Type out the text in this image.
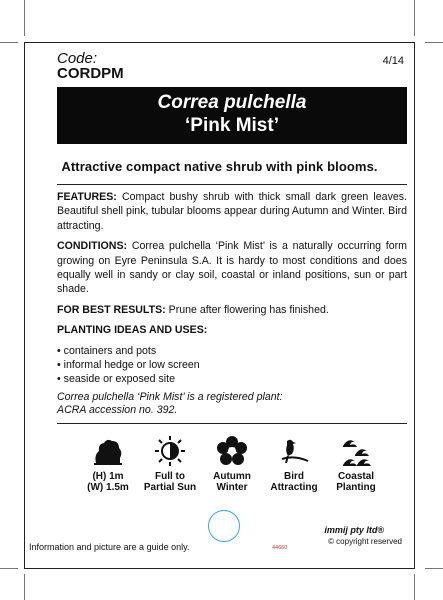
Code:
CORDPM
4/14
Correa pulchella
‘Pink Mist’
Attractive compact native shrub with pink blooms.

FEATURES: Compact bushy shrub with thick small dark green leaves. Beautiful shell pink, tubular blooms appear during Autumn and Winter. Bird attracting.

CONDITIONS: Correa pulchella ‘Pink Mist’ is a naturally occurring form growing on Eyre Peninsula S.A. It is hardy to most conditions and does equally well in sandy or clay soil, coastal or inland positions, sun or part shade.

FOR BEST RESULTS: Prune after flowering has finished.

PLANTING IDEAS AND USES:

• containers and pots
• informal hedge or low screen
• seaside or exposed site
Correa pulchella ‘Pink Mist’ is a registered plant:
ACRA accession no. 392.
(H) 1m
(W) 1.5m
Full to
Partial Sun
Autumn
Winter
Bird
Attracting
Coastal
Planting
Information and picture are a guide only.	44660
immij pty ltd®
© copyright reserved
